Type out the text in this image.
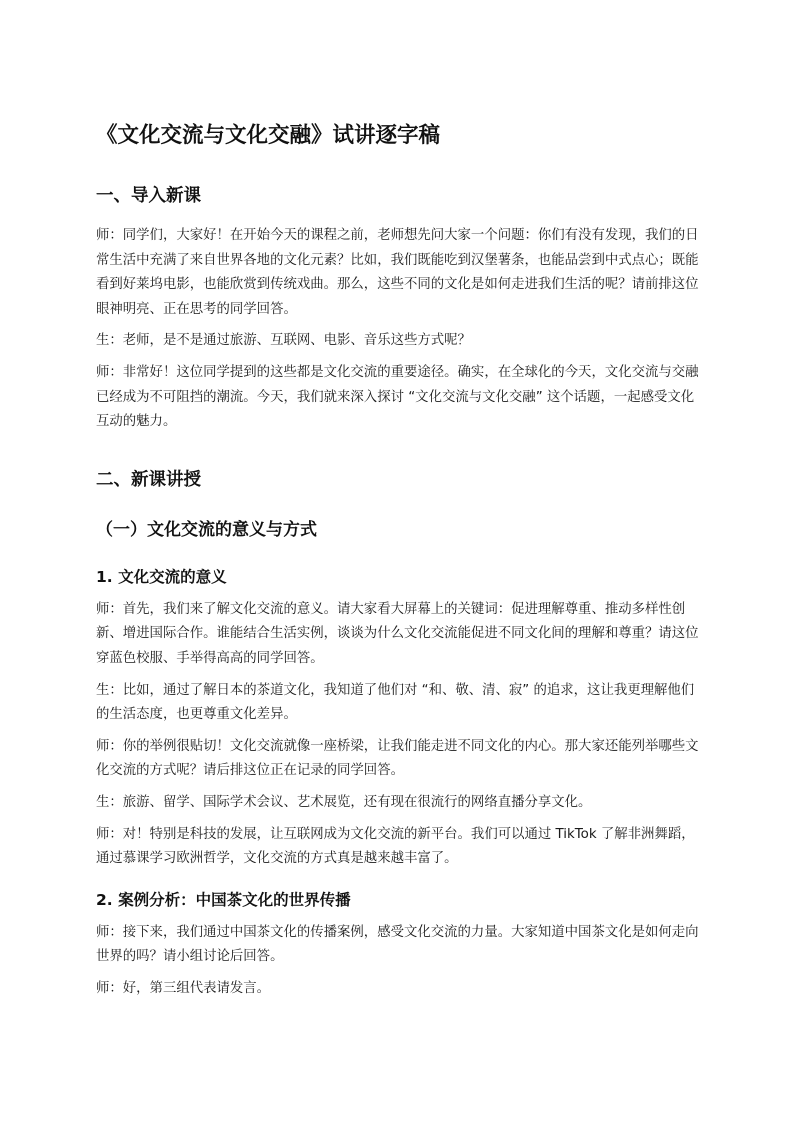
《文化交流与文化交融》试讲逐字稿
一、导入新课

师：同学们，大家好！在开始今天的课程之前，老师想先问大家一个问题：你们有没有发现，我们的日常生活中充满了来自世界各地的文化元素？比如，我们既能吃到汉堡薯条，也能品尝到中式点心；既能看到好莱坞电影，也能欣赏到传统戏曲。那么，这些不同的文化是如何走进我们生活的呢？请前排这位眼神明亮、正在思考的同学回答。

生：老师，是不是通过旅游、互联网、电影、音乐这些方式呢？

师：非常好！这位同学提到的这些都是文化交流的重要途径。确实，在全球化的今天，文化交流与交融已经成为不可阻挡的潮流。今天，我们就来深入探讨 “文化交流与文化交融” 这个话题，一起感受文化互动的魅力。

二、新课讲授
（一）文化交流的意义与方式
1. 文化交流的意义

师：首先，我们来了解文化交流的意义。请大家看大屏幕上的关键词：促进理解尊重、推动多样性创新、增进国际合作。谁能结合生活实例，谈谈为什么文化交流能促进不同文化间的理解和尊重？请这位穿蓝色校服、手举得高高的同学回答。

生：比如，通过了解日本的茶道文化，我知道了他们对 “和、敬、清、寂” 的追求，这让我更理解他们的生活态度，也更尊重文化差异。

师：你的举例很贴切！文化交流就像一座桥梁，让我们能走进不同文化的内心。那大家还能列举哪些文化交流的方式呢？请后排这位正在记录的同学回答。

生：旅游、留学、国际学术会议、艺术展览，还有现在很流行的网络直播分享文化。

师：对！特别是科技的发展，让互联网成为文化交流的新平台。我们可以通过 TikTok 了解非洲舞蹈，通过慕课学习欧洲哲学，文化交流的方式真是越来越丰富了。

2. 案例分析：中国茶文化的世界传播

师：接下来，我们通过中国茶文化的传播案例，感受文化交流的力量。大家知道中国茶文化是如何走向世界的吗？请小组讨论后回答。

师：好，第三组代表请发言。
